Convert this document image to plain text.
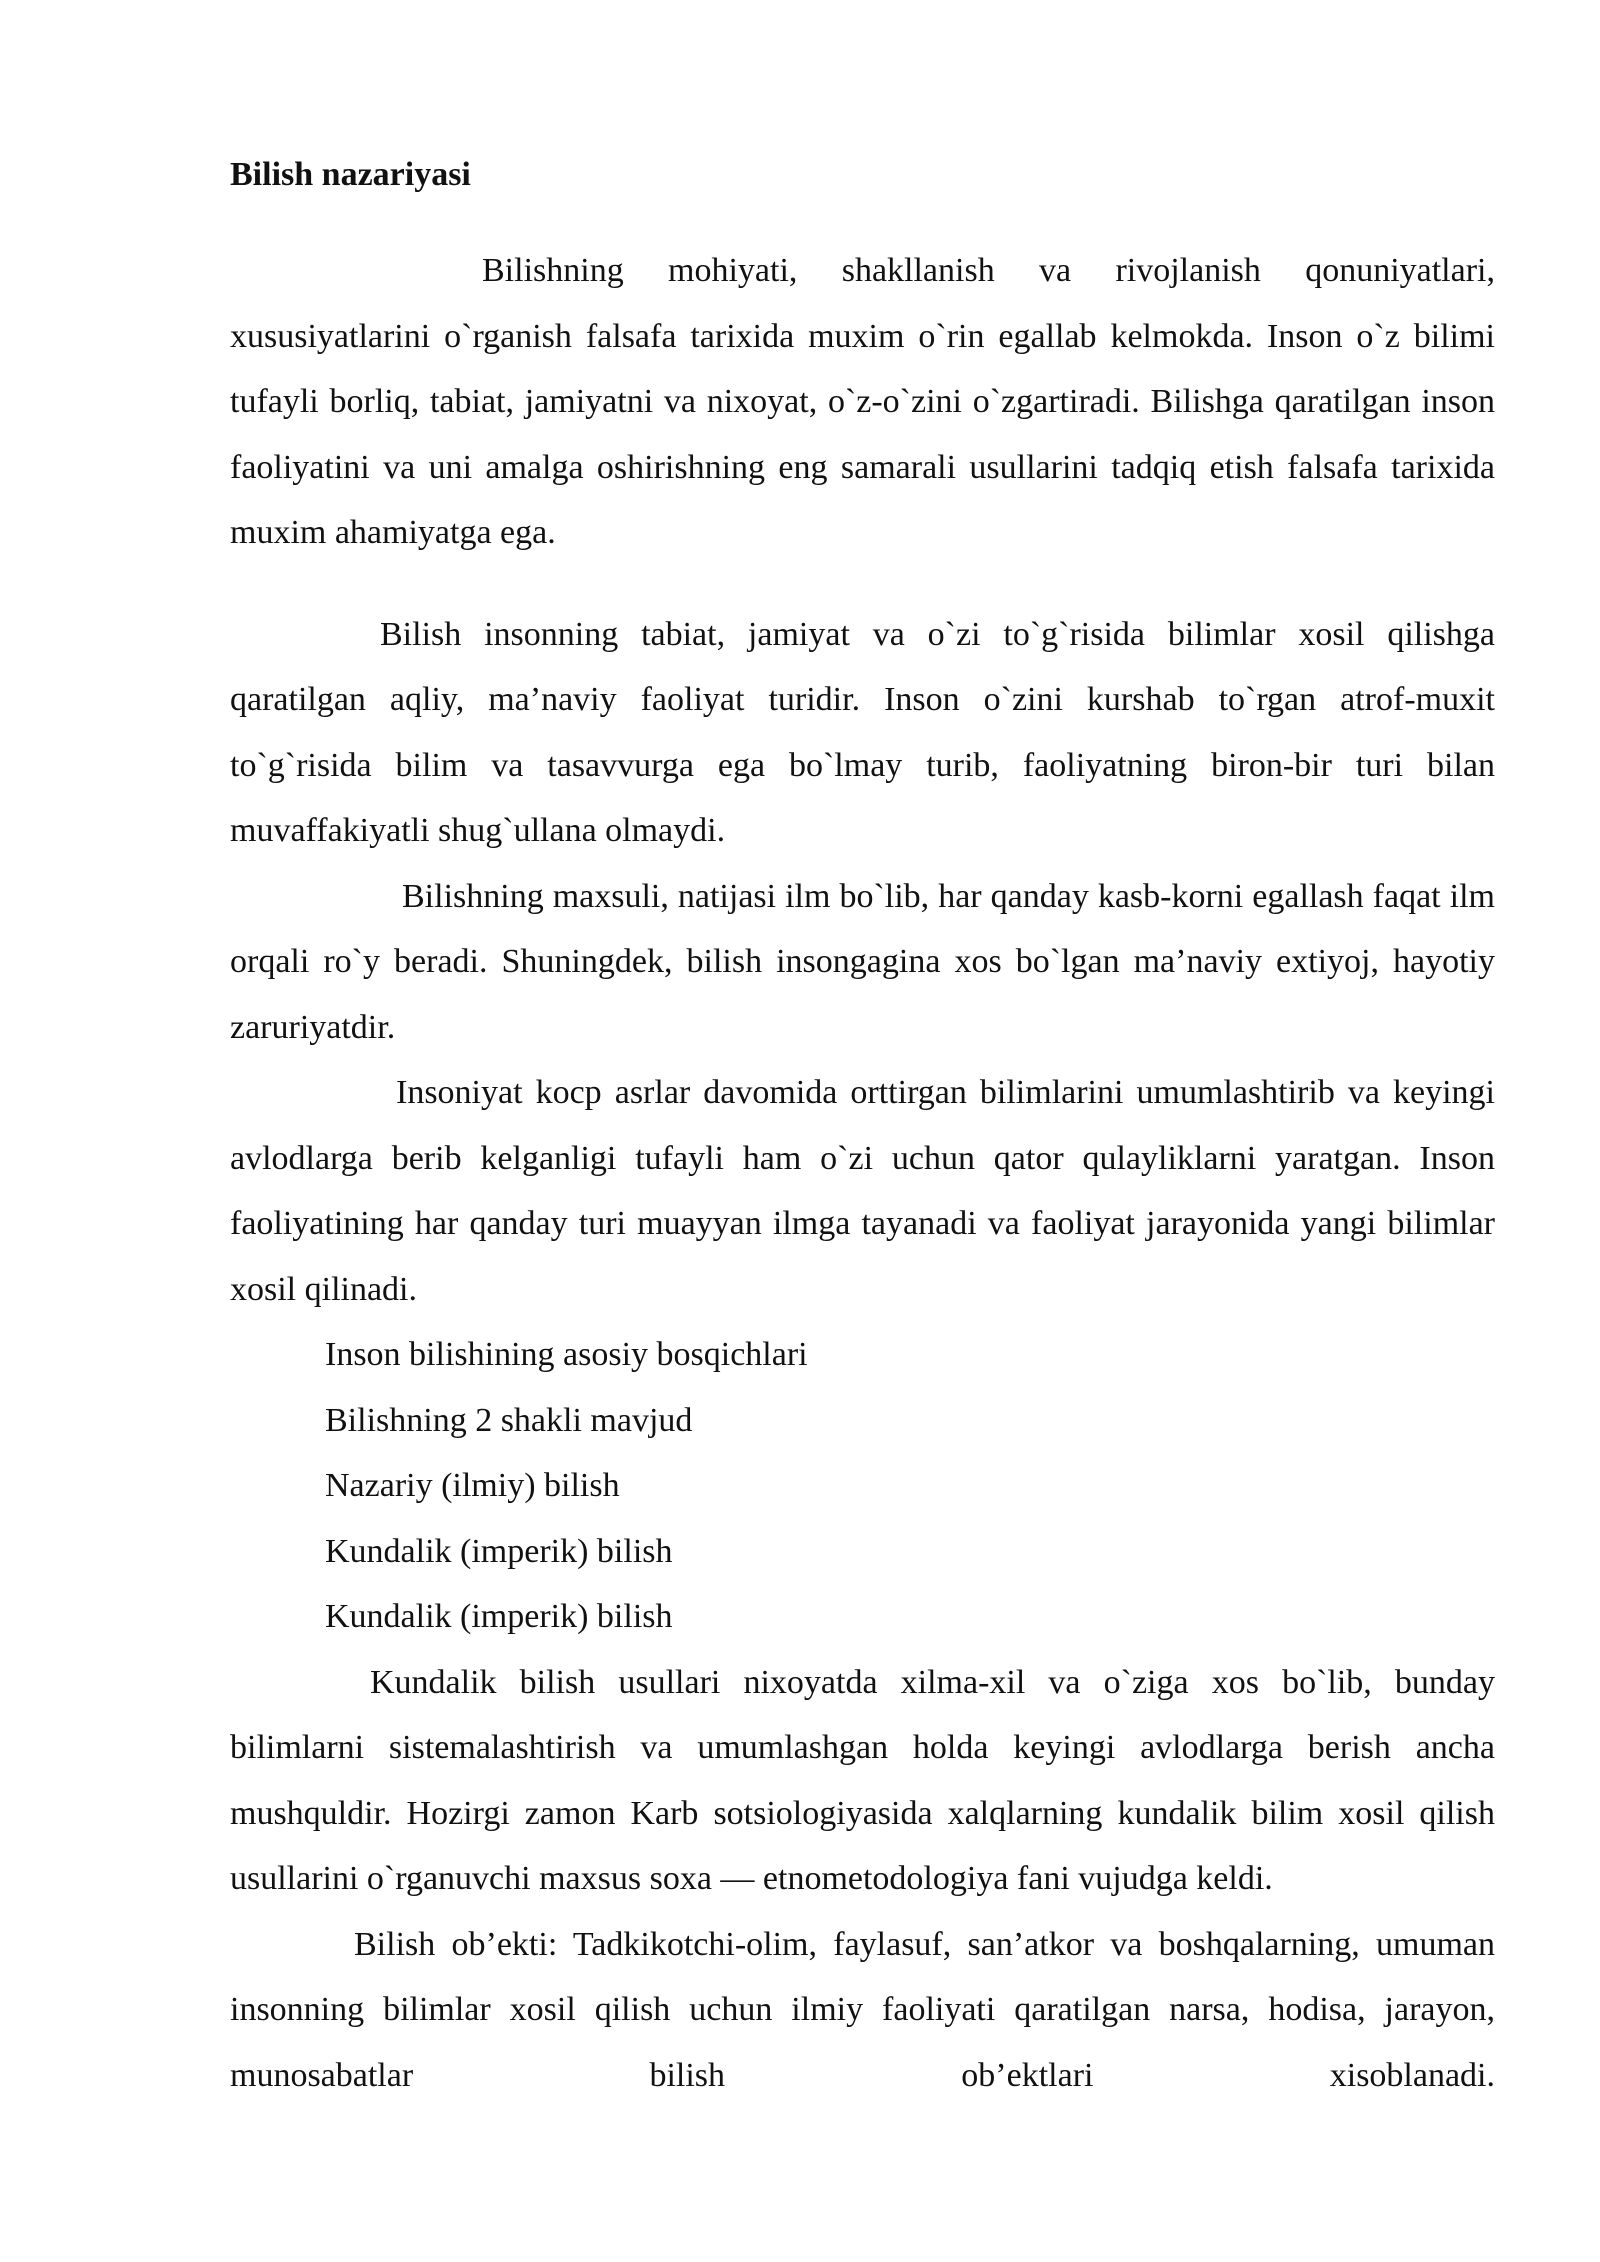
Bilish nazariyasi

Bilishning mohiyati, shakllanish va rivojlanish qonuniyatlari, xususiyatlarini o`rganish falsafa tarixida muxim o`rin egallab kelmokda. Inson o`z bilimi tufayli borliq, tabiat, jamiyatni va nixoyat, o`z-o`zini o`zgartiradi. Bilishga qaratilgan inson faoliyatini va uni amalga oshirishning eng samarali usullarini tadqiq etish falsafa tarixida muxim ahamiyatga ega.

Bilish insonning tabiat, jamiyat va o`zi to`g`risida bilimlar xosil qilishga qaratilgan aqliy, ma’naviy faoliyat turidir. Inson o`zini kurshab to`rgan atrof-muxit to`g`risida bilim va tasavvurga ega bo`lmay turib, faoliyatning biron-bir turi bilan muvaffakiyatli shug`ullana olmaydi.

Bilishning maxsuli, natijasi ilm bo`lib, har qanday kasb-korni egallash faqat ilm orqali ro`y beradi. Shuningdek, bilish insongagina xos bo`lgan ma’naviy extiyoj, hayotiy zaruriyatdir.

Insoniyat kocp asrlar davomida orttirgan bilimlarini umumlashtirib va keyingi avlodlarga berib kelganligi tufayli ham o`zi uchun qator qulayliklarni yaratgan. Inson faoliyatining har qanday turi muayyan ilmga tayanadi va faoliyat jarayonida yangi bilimlar xosil qilinadi.

Inson bilishining asosiy bosqichlari
Bilishning 2 shakli mavjud
Nazariy (ilmiy) bilish
Kundalik (imperik) bilish
Kundalik (imperik) bilish

Kundalik bilish usullari nixoyatda xilma-xil va o`ziga xos bo`lib, bunday bilimlarni sistemalashtirish va umumlashgan holda keyingi avlodlarga berish ancha mushquldir. Hozirgi zamon Karb sotsiologiyasida xalqlarning kundalik bilim xosil qilish usullarini o`rganuvchi maxsus soxa — etnometodologiya fani vujudga keldi.

Bilish ob’ekti: Tadkikotchi-olim, faylasuf, san’atkor va boshqalarning, umuman insonning bilimlar xosil qilish uchun ilmiy faoliyati qaratilgan narsa, hodisa, jarayon, munosabatlar bilish ob’ektlari xisoblanadi.
